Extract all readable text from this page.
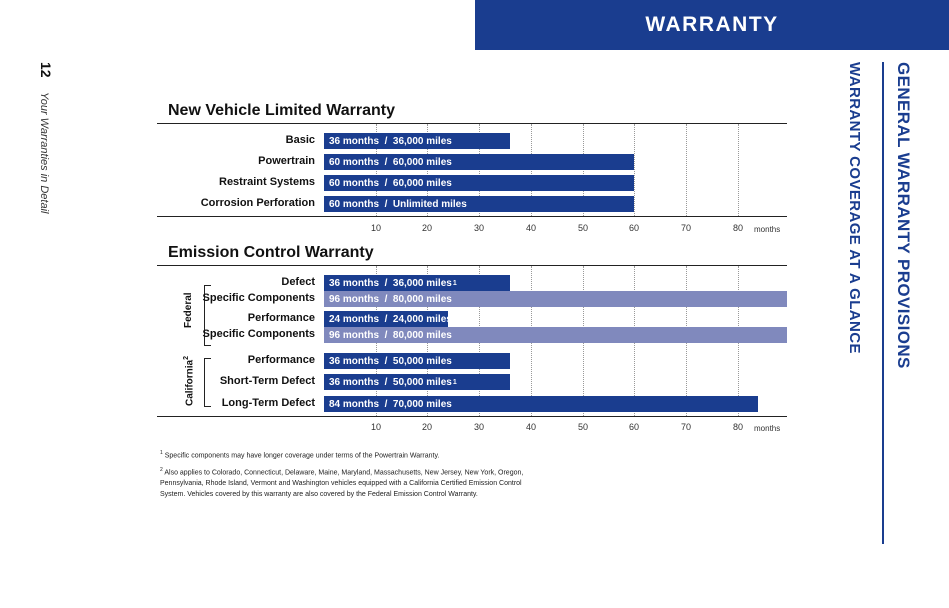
WARRANTY
12
Your Warranties in Detail	GENERAL WARRANTY PROVISIONS
WARRANTY COVERAGE AT A GLANCE
New Vehicle Limited Warranty
10	20	30	40	50	60	70	80	months
Basic 36 months  /  36,000 miles
Powertrain 60 months  /  60,000 miles
Restraint Systems 60 months  /  60,000 miles
Corrosion Perforation 60 months  /  Unlimited miles
Emission Control Warranty
Federal
California$^2$
10	20	30	40	50	60	70	80	months
Defect 36 months  /  36,000 miles 1
Specific Components 96 months  /  80,000 miles
Performance 24 months  /  24,000 miles
Specific Components 96 months  /  80,000 miles
Performance 36 months  /  50,000 miles
Short-Term Defect 36 months  /  50,000 miles 1
Long-Term Defect 84 months  /  70,000 miles
$^1$ Specific components may have longer coverage under terms of the Powertrain Warranty.
$^2$ Also applies to Colorado, Connecticut, Delaware, Maine, Maryland, Massachusetts, New Jersey, New York, Oregon, Pennsylvania, Rhode Island, Vermont and Washington vehicles equipped with a California Certified Emission Control System. Vehicles covered by this warranty are also covered by the Federal Emission Control Warranty.
